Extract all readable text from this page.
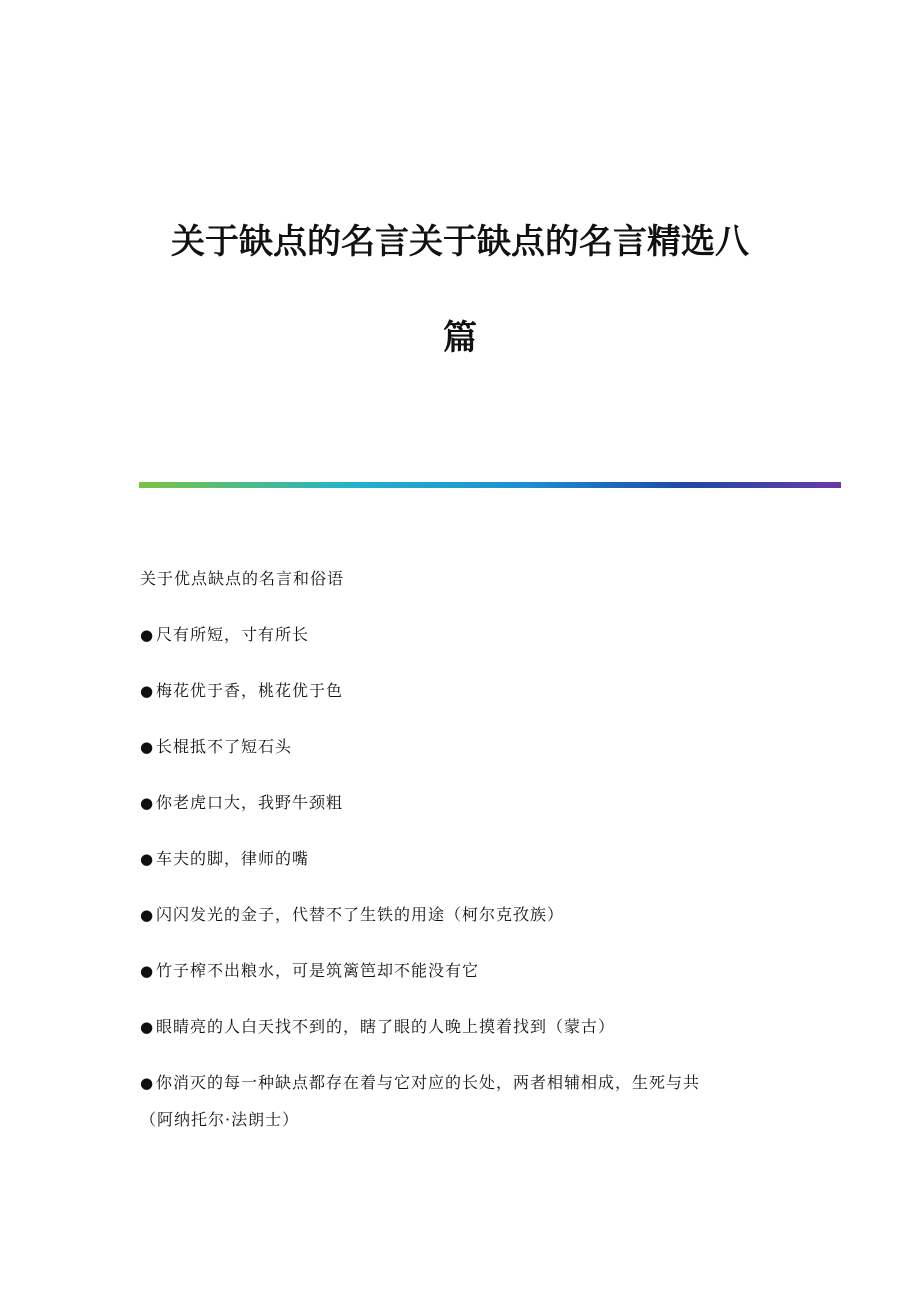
关于缺点的名言关于缺点的名言精选八
篇
关于优点缺点的名言和俗语
● 尺有所短，寸有所长
● 梅花优于香，桃花优于色
● 长棍抵不了短石头
● 你老虎口大，我野牛颈粗
● 车夫的脚，律师的嘴
● 闪闪发光的金子，代替不了生铁的用途（柯尔克孜族）
● 竹子榨不出粮水，可是筑篱笆却不能没有它
● 眼睛亮的人白天找不到的，瞎了眼的人晚上摸着找到（蒙古）
● 你消灭的每一种缺点都存在着与它对应的长处，两者相辅相成，生死与共
（阿纳托尔·法朗士）
